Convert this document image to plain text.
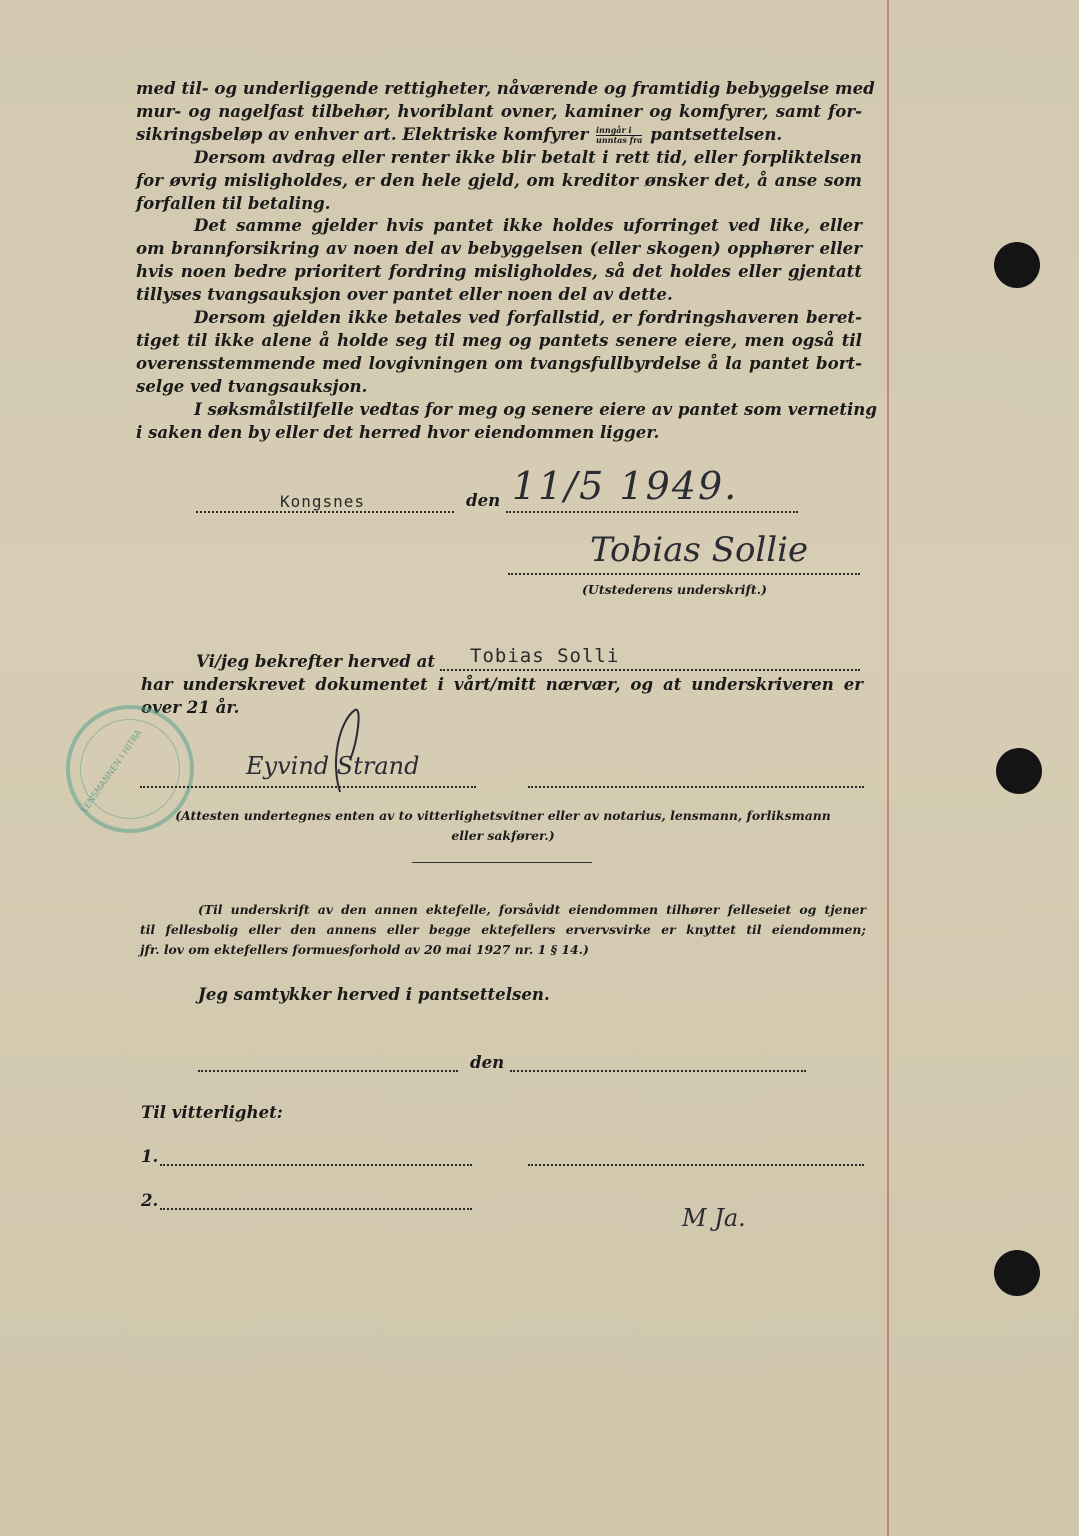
med til- og underliggende rettigheter, nåværende og framtidig bebyggelse med
mur- og nagelfast tilbehør, hvoriblant ovner, kaminer og komfyrer, samt for-
sikringsbeløp av enhver art. Elektriske komfyrer $\frac{\text{inngår i}}{\text{unntas fra}}$ pantsettelsen.
Dersom avdrag eller renter ikke blir betalt i rett tid, eller forpliktelsen
for øvrig misligholdes, er den hele gjeld, om kreditor ønsker det, å anse som
forfallen til betaling.
Det samme gjelder hvis pantet ikke holdes uforringet ved like, eller
om brannforsikring av noen del av bebyggelsen (eller skogen) opphører eller
hvis noen bedre prioritert fordring misligholdes, så det holdes eller gjentatt
tillyses tvangsauksjon over pantet eller noen del av dette.
Dersom gjelden ikke betales ved forfallstid, er fordringshaveren beret-
tiget til ikke alene å holde seg til meg og pantets senere eiere, men også til
overensstemmende med lovgivningen om tvangsfullbyrdelse å la pantet bort-
selge ved tvangsauksjon.
I søksmålstilfelle vedtas for meg og senere eiere av pantet som verneting
i saken den by eller det herred hvor eiendommen ligger.
Kongsnes	den 11/5 1949.
Tobias Sollie
(Utstederens underskrift.)
Vi/jeg bekrefter herved at Tobias Solli
har underskrevet dokumentet i vårt/mitt nærvær, og at underskriveren er
over 21 år.
LENSMANNEN I HITRA	Eyvind Strand
(Attesten undertegnes enten av to vitterlighetsvitner eller av notarius, lensmann, forliksmann
eller sakfører.)
(Til underskrift av den annen ektefelle, forsåvidt eiendommen tilhører felleseiet og tjener
til fellesbolig eller den annens eller begge ektefellers ervervsvirke er knyttet til eiendommen;
jfr. lov om ektefellers formuesforhold av 20 mai 1927 nr. 1 § 14.)
Jeg samtykker herved i pantsettelsen.
den
Til vitterlighet:
1.
2.
M Ja.
